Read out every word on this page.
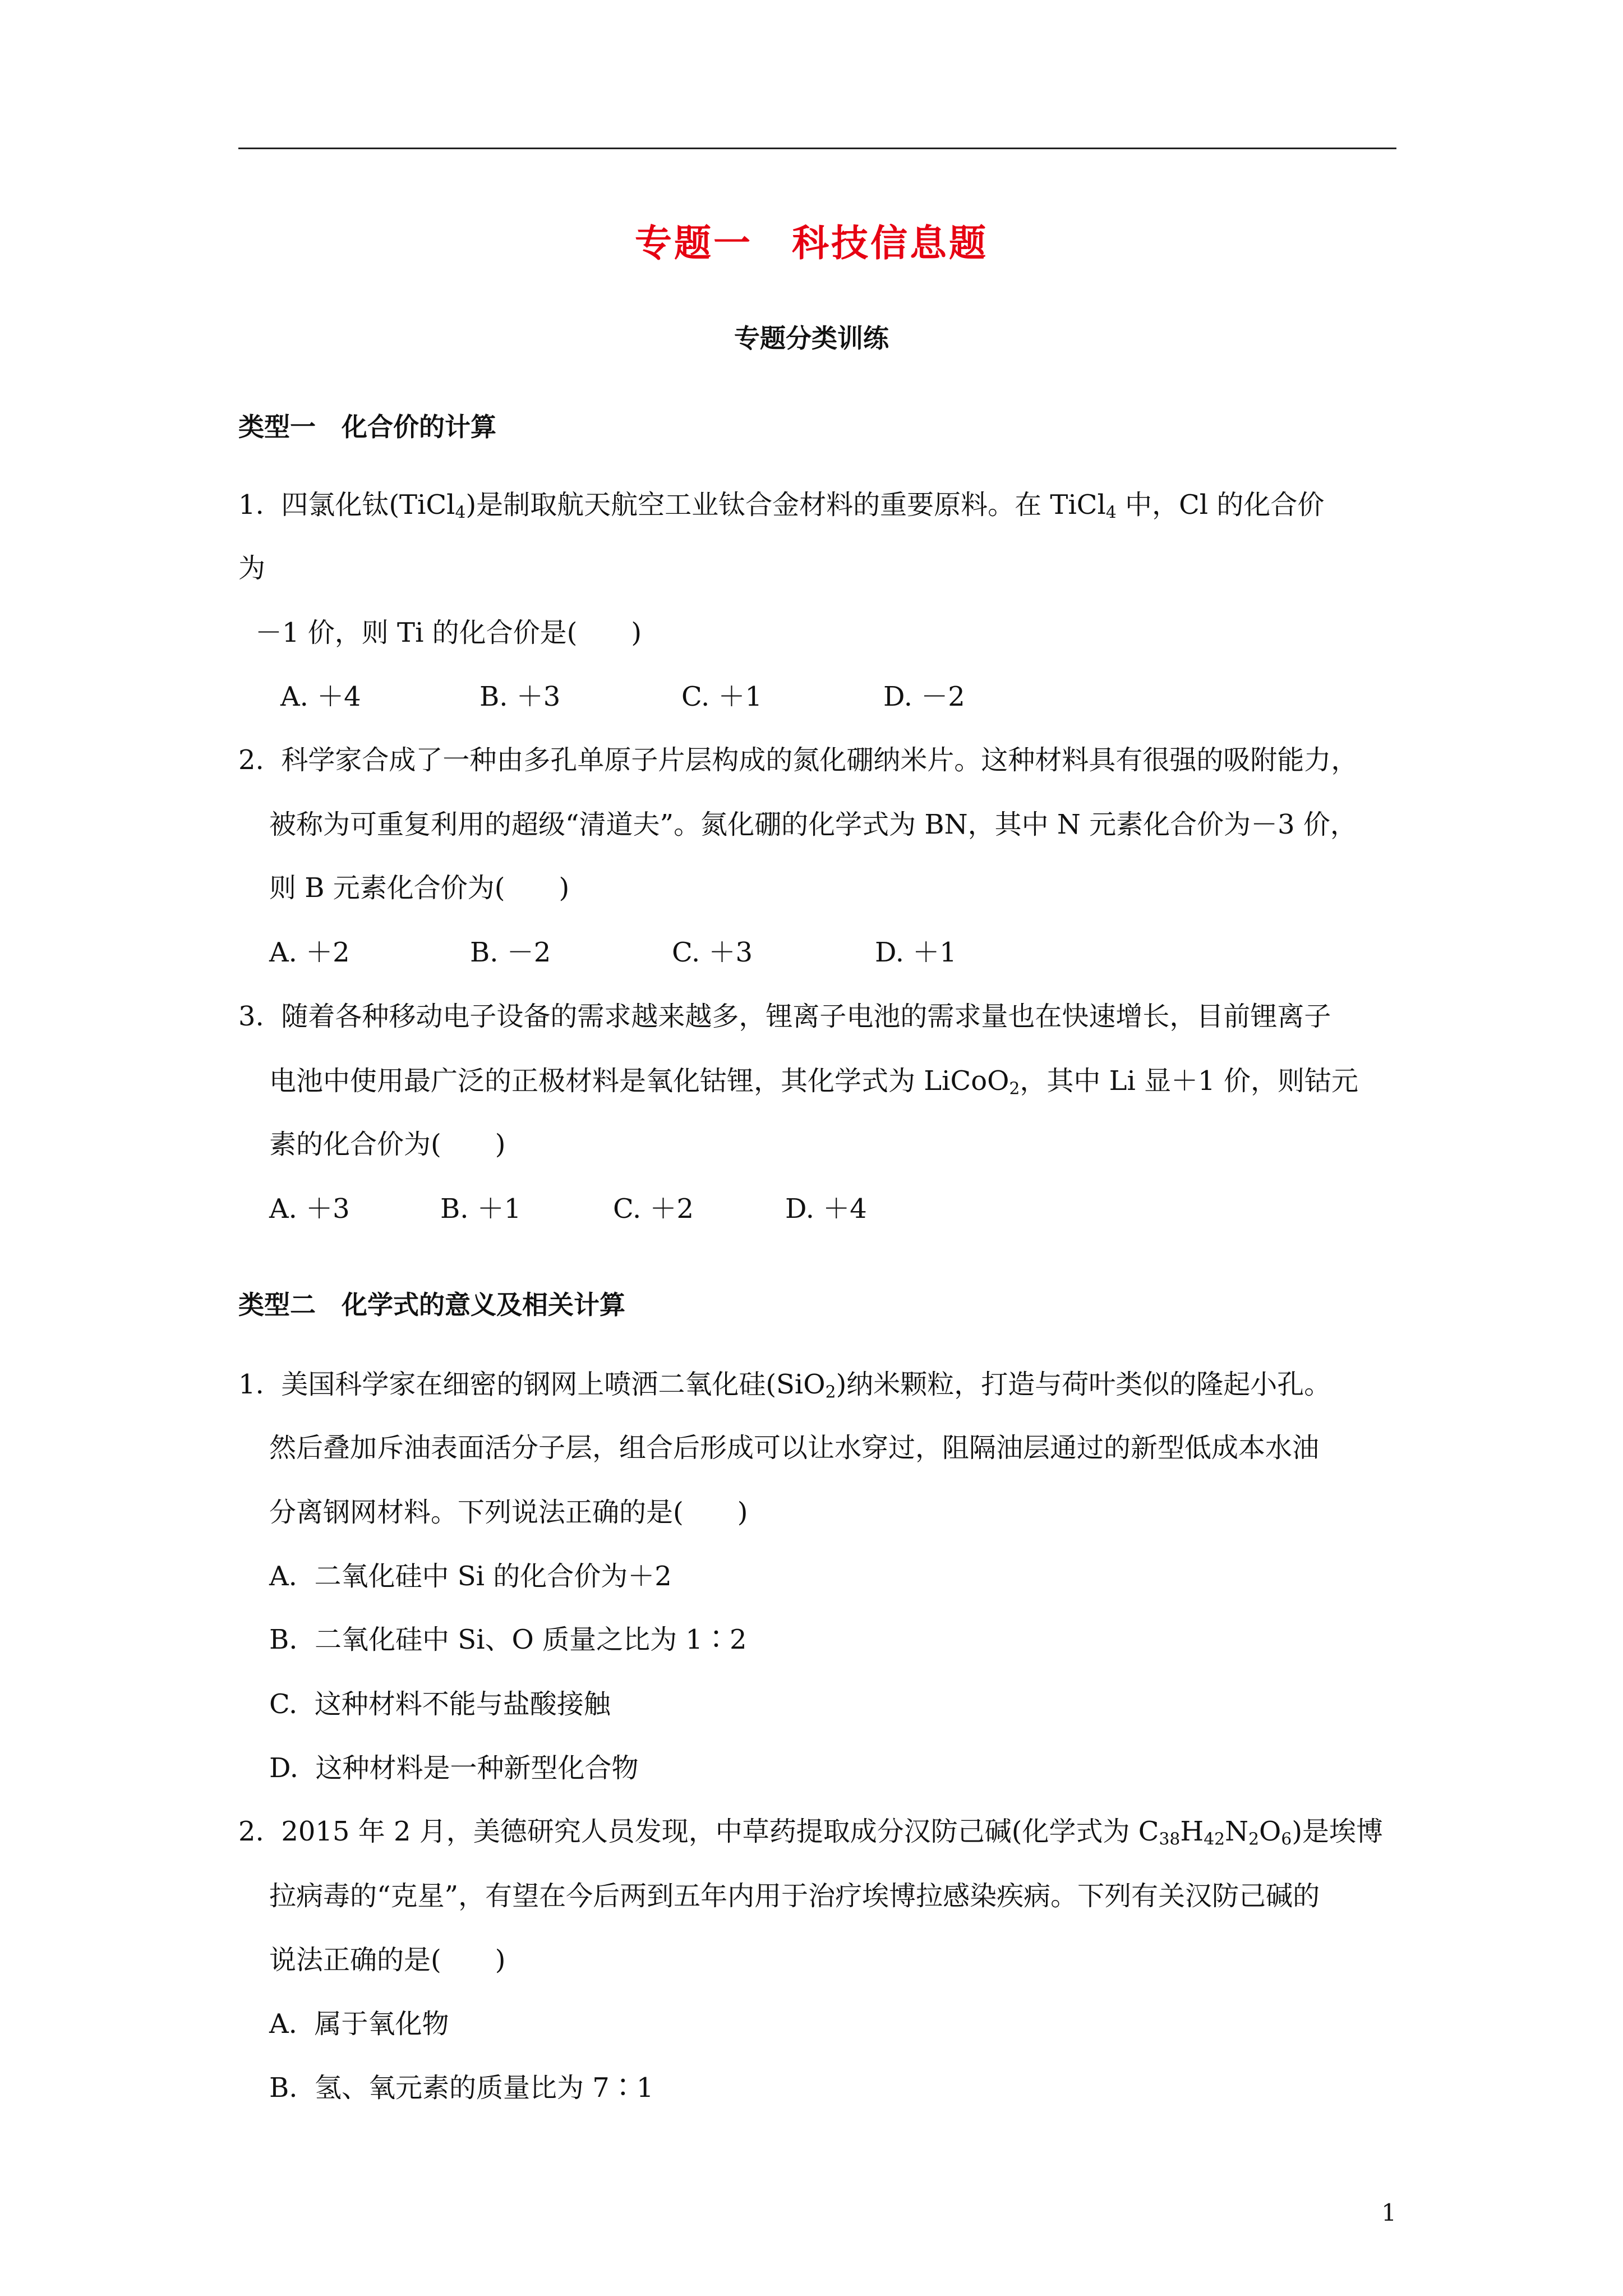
专题一　科技信息题
专题分类训练
类型一　化合价的计算
1.  四氯化钛(TiCl$_4$)是制取航天航空工业钛合金材料的重要原料。在 TiCl$_4$ 中，Cl 的化合价
为
－1 价，则 Ti 的化合价是(　　)
A. ＋4	B. ＋3	C. ＋1	D. －2
2.  科学家合成了一种由多孔单原子片层构成的氮化硼纳米片。这种材料具有很强的吸附能力，
被称为可重复利用的超级“清道夫”。氮化硼的化学式为 BN，其中 N 元素化合价为－3 价，
则 B 元素化合价为(　　)
A. ＋2	B. －2	C. ＋3	D. ＋1
3.  随着各种移动电子设备的需求越来越多，锂离子电池的需求量也在快速增长，目前锂离子
电池中使用最广泛的正极材料是氧化钴锂，其化学式为 LiCoO$_2$，其中 Li 显＋1 价，则钴元
素的化合价为(　　)
A. ＋3	B. ＋1	C. ＋2	D. ＋4
类型二　化学式的意义及相关计算
1.  美国科学家在细密的钢网上喷洒二氧化硅(SiO$_2$)纳米颗粒，打造与荷叶类似的隆起小孔。
然后叠加斥油表面活分子层，组合后形成可以让水穿过，阻隔油层通过的新型低成本水油
分离钢网材料。下列说法正确的是(　　)
A.  二氧化硅中 Si 的化合价为＋2
B.  二氧化硅中 Si、O 质量之比为 1∶2
C.  这种材料不能与盐酸接触
D.  这种材料是一种新型化合物
2.  2015 年 2 月，美德研究人员发现，中草药提取成分汉防己碱(化学式为 $C_{38}H_{42}N_2O_6$)是埃博
拉病毒的“克星”，有望在今后两到五年内用于治疗埃博拉感染疾病。下列有关汉防己碱的
说法正确的是(　　)
A.  属于氧化物
B.  氢、氧元素的质量比为 7∶1
1
